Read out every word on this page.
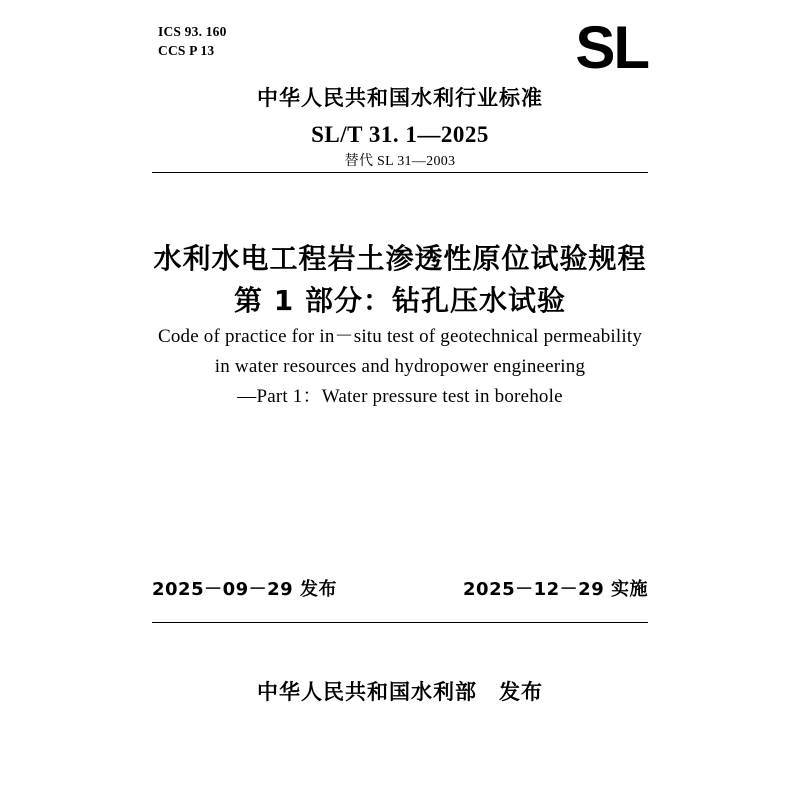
ICS 93. 160
CCS P 13	SL
中华人民共和国水利行业标准
SL/T 31. 1—2025
替代 SL 31—2003
水利水电工程岩土渗透性原位试验规程
第 1 部分：钻孔压水试验
Code of practice for in－situ test of geotechnical permeability
in water resources and hydropower engineering
—Part 1：Water pressure test in borehole
2025－09－29 发布	2025－12－29 实施
中华人民共和国水利部　发布
